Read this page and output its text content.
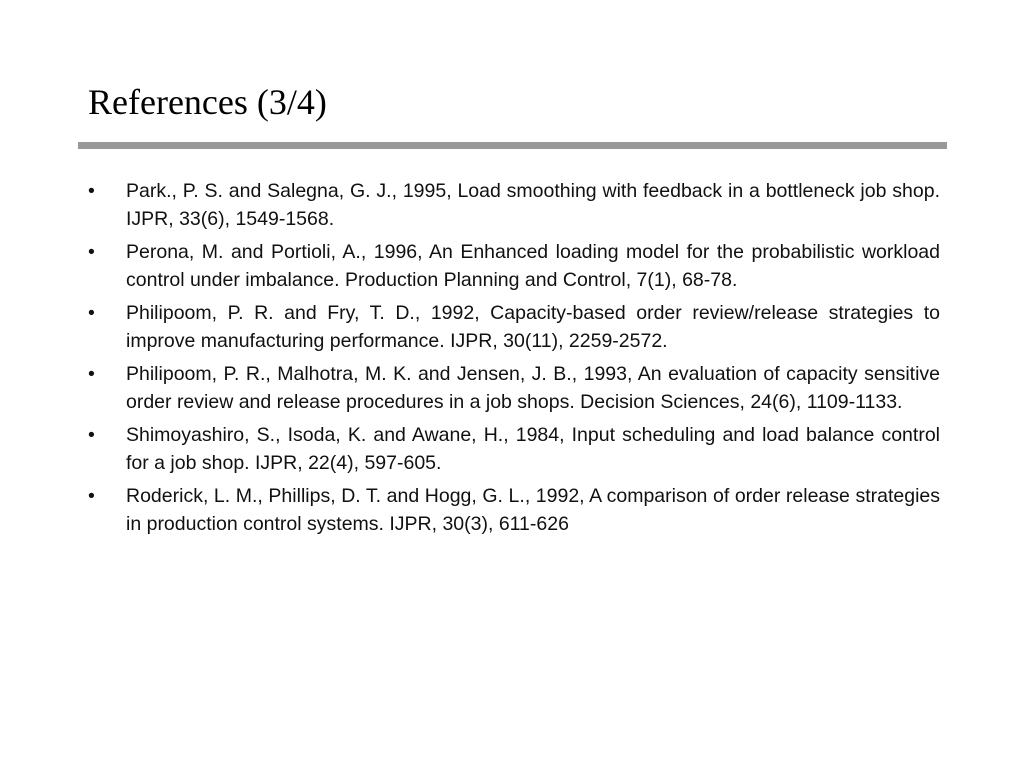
References (3/4)
•	Park., P. S. and Salegna, G. J., 1995, Load smoothing with feedback in a bottleneck job shop. IJPR, 33(6), 1549-1568.
•	Perona, M. and Portioli, A., 1996, An Enhanced loading model for the probabilistic workload control under imbalance. Production Planning and Control, 7(1), 68-78.
•	Philipoom, P. R. and Fry, T. D., 1992, Capacity-based order review/release strategies to improve manufacturing performance. IJPR, 30(11), 2259-2572.
•	Philipoom, P. R., Malhotra, M. K. and Jensen, J. B., 1993, An evaluation of capacity sensitive order review and release procedures in a job shops. Decision Sciences, 24(6), 1109-1133.
•	Shimoyashiro, S., Isoda, K. and Awane, H., 1984, Input scheduling and load balance control for a job shop. IJPR, 22(4), 597-605.
•	Roderick, L. M., Phillips, D. T. and Hogg, G. L., 1992, A comparison of order release strategies in production control systems. IJPR, 30(3), 611-626
